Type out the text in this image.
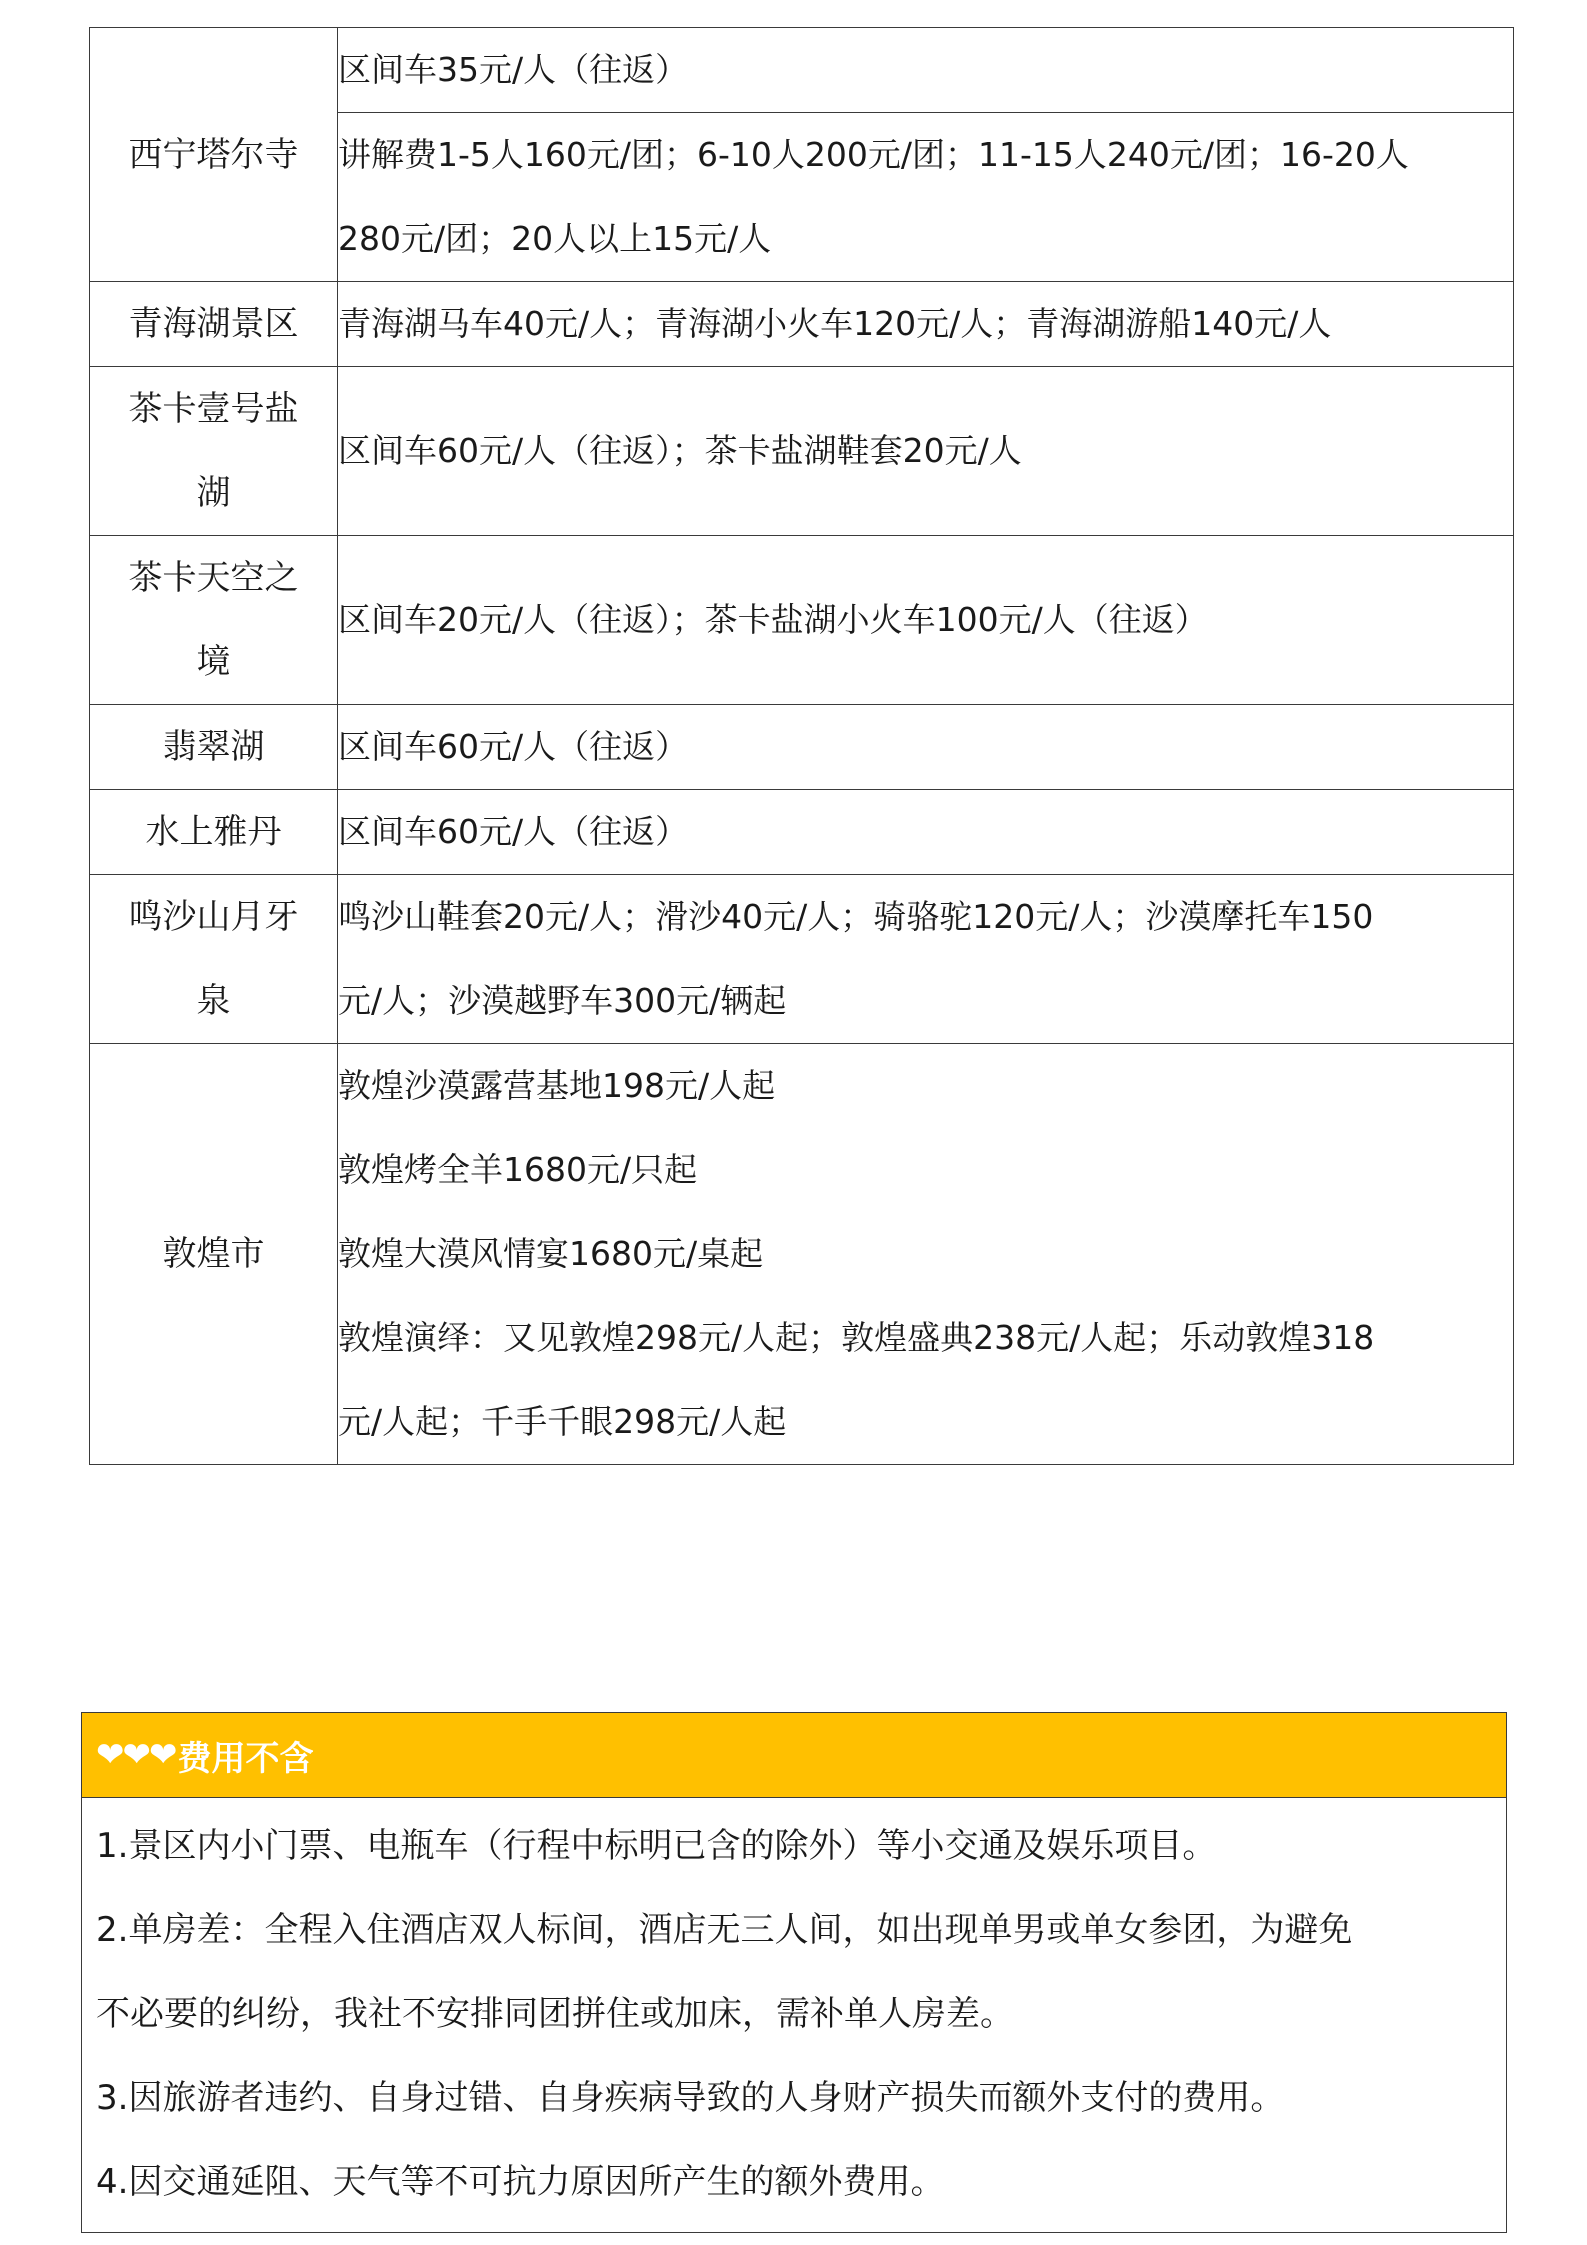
西宁塔尔寺	区间车35元/人（往返）

	讲解费1-5人160元/团；6-10人200元/团；11-15人240元/团；16-20人
280元/团；20人以上15元/人

青海湖景区	青海湖马车40元/人；青海湖小火车120元/人；青海湖游船140元/人

茶卡壹号盐
湖	区间车60元/人（往返）；茶卡盐湖鞋套20元/人

茶卡天空之
境	区间车20元/人（往返）；茶卡盐湖小火车100元/人（往返）

翡翠湖	区间车60元/人（往返）

水上雅丹	区间车60元/人（往返）

鸣沙山月牙
泉	鸣沙山鞋套20元/人；滑沙40元/人；骑骆驼120元/人；沙漠摩托车150
元/人；沙漠越野车300元/辆起

敦煌市	敦煌沙漠露营基地198元/人起
敦煌烤全羊1680元/只起
敦煌大漠风情宴1680元/桌起
敦煌演绎：又见敦煌298元/人起；敦煌盛典238元/人起；乐动敦煌318
元/人起；千手千眼298元/人起
❤❤❤ 费用不含
1.景区内小门票、电瓶车（行程中标明已含的除外）等小交通及娱乐项目。
2.单房差：全程入住酒店双人标间，酒店无三人间，如出现单男或单女参团，为避免
不必要的纠纷，我社不安排同团拼住或加床，需补单人房差。
3.因旅游者违约、自身过错、自身疾病导致的人身财产损失而额外支付的费用。
4.因交通延阻、天气等不可抗力原因所产生的额外费用。
